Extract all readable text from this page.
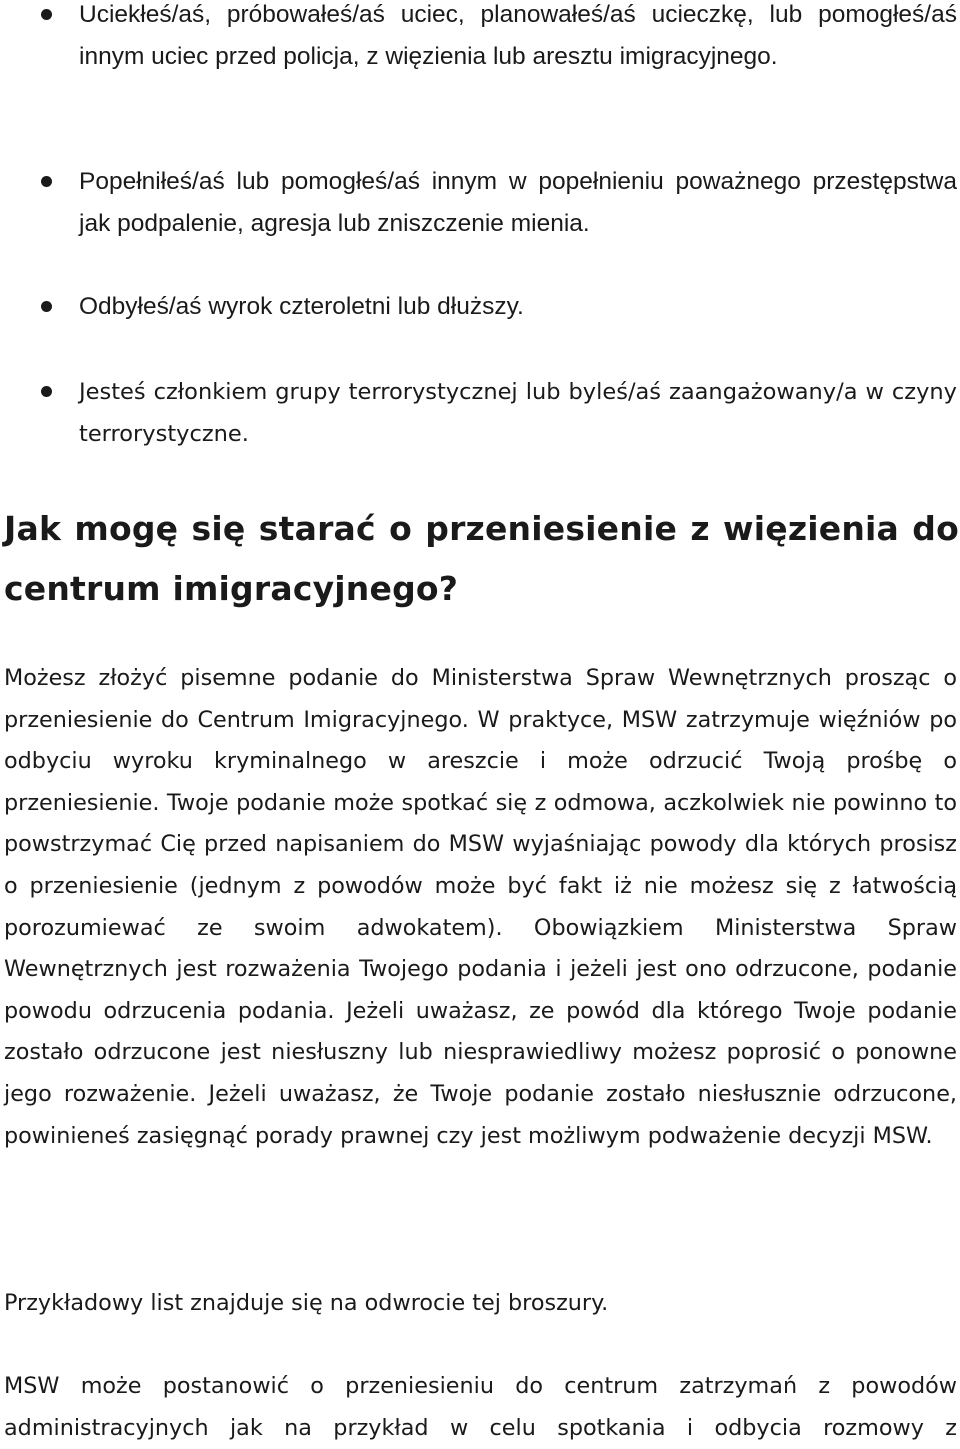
Uciekłeś/aś, próbowałeś/aś uciec, planowałeś/aś ucieczkę, lub pomogłeś/aś innym uciec przed policja, z więzienia lub aresztu imigracyjnego.
Popełniłeś/aś lub pomogłeś/aś innym w popełnieniu poważnego przestępstwa jak podpalenie, agresja lub zniszczenie mienia.
Odbyłeś/aś wyrok czteroletni lub dłuższy.
Jesteś członkiem grupy terrorystycznej lub byleś/aś zaangażowany/a w czyny terrorystyczne.
Jak mogę się starać o przeniesienie z więzienia do centrum imigracyjnego?

Możesz złożyć pisemne podanie do Ministerstwa Spraw Wewnętrznych prosząc o przeniesienie do Centrum Imigracyjnego. W praktyce, MSW zatrzymuje więźniów po odbyciu wyroku kryminalnego w areszcie i może odrzucić Twoją prośbę o przeniesienie. Twoje podanie może spotkać się z odmowa, aczkolwiek nie powinno to powstrzymać Cię przed napisaniem do MSW wyjaśniając powody dla których prosisz o przeniesienie (jednym z powodów może być fakt iż nie możesz się z łatwością porozumiewać ze swoim adwokatem). Obowiązkiem Ministerstwa Spraw Wewnętrznych jest rozważenia Twojego podania i jeżeli jest ono odrzucone, podanie powodu odrzucenia podania. Jeżeli uważasz, ze powód dla którego Twoje podanie zostało odrzucone jest niesłuszny lub niesprawiedliwy możesz poprosić o ponowne jego rozważenie. Jeżeli uważasz, że Twoje podanie zostało niesłusznie odrzucone, powinieneś zasięgnąć porady prawnej czy jest możliwym podważenie decyzji MSW.

Przykładowy list znajduje się na odwrocie tej broszury.

MSW może postanowić o przeniesieniu do centrum zatrzymań z powodów administracyjnych jak na przykład w celu spotkania i odbycia rozmowy z
